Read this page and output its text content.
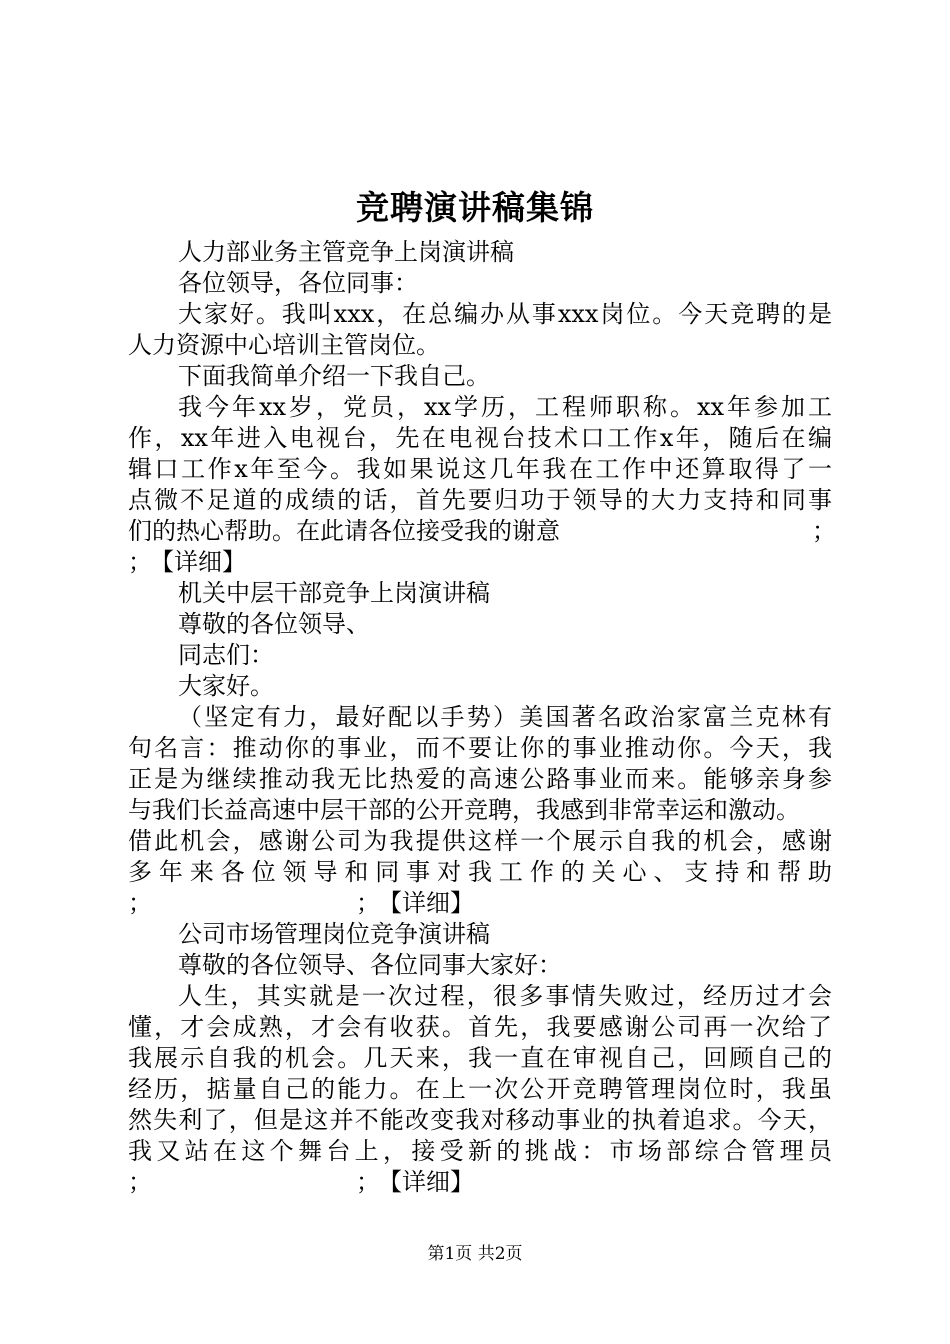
竞聘演讲稿集锦
人力部业务主管竞争上岗演讲稿
各位领导，各位同事：
大家好。我叫xxx，在总编办从事xxx岗位。今天竞聘的是
人力资源中心培训主管岗位。
下面我简单介绍一下我自己。
我今年xx岁，党员，xx学历，工程师职称。xx年参加工
作，xx年进入电视台，先在电视台技术口工作x年，随后在编
辑口工作x年至今。我如果说这几年我在工作中还算取得了一
点微不足道的成绩的话，首先要归功于领导的大力支持和同事
们的热心帮助。在此请各位接受我的谢意	；
；
【详细】
机关中层干部竞争上岗演讲稿
尊敬的各位领导、
同志们：
大家好。
（坚定有力，最好配以手势）美国著名政治家富兰克林有
句名言：推动你的事业，而不要让你的事业推动你。今天，我
正是为继续推动我无比热爱的高速公路事业而来。能够亲身参
与我们长益高速中层干部的公开竞聘，我感到非常幸运和激动。
借此机会，感谢公司为我提供这样一个展示自我的机会，感谢
多年来各位领导和同事对我工作的关心、支持和帮助
；	；
【详细】
公司市场管理岗位竞争演讲稿
尊敬的各位领导、各位同事大家好：
人生，其实就是一次过程，很多事情失败过，经历过才会
懂，才会成熟，才会有收获。首先，我要感谢公司再一次给了
我展示自我的机会。几天来，我一直在审视自己，回顾自己的
经历，掂量自己的能力。在上一次公开竞聘管理岗位时，我虽
然失利了，但是这并不能改变我对移动事业的执着追求。今天，
我又站在这个舞台上，接受新的挑战：市场部综合管理员
；	；
【详细】
第1页 共2页
